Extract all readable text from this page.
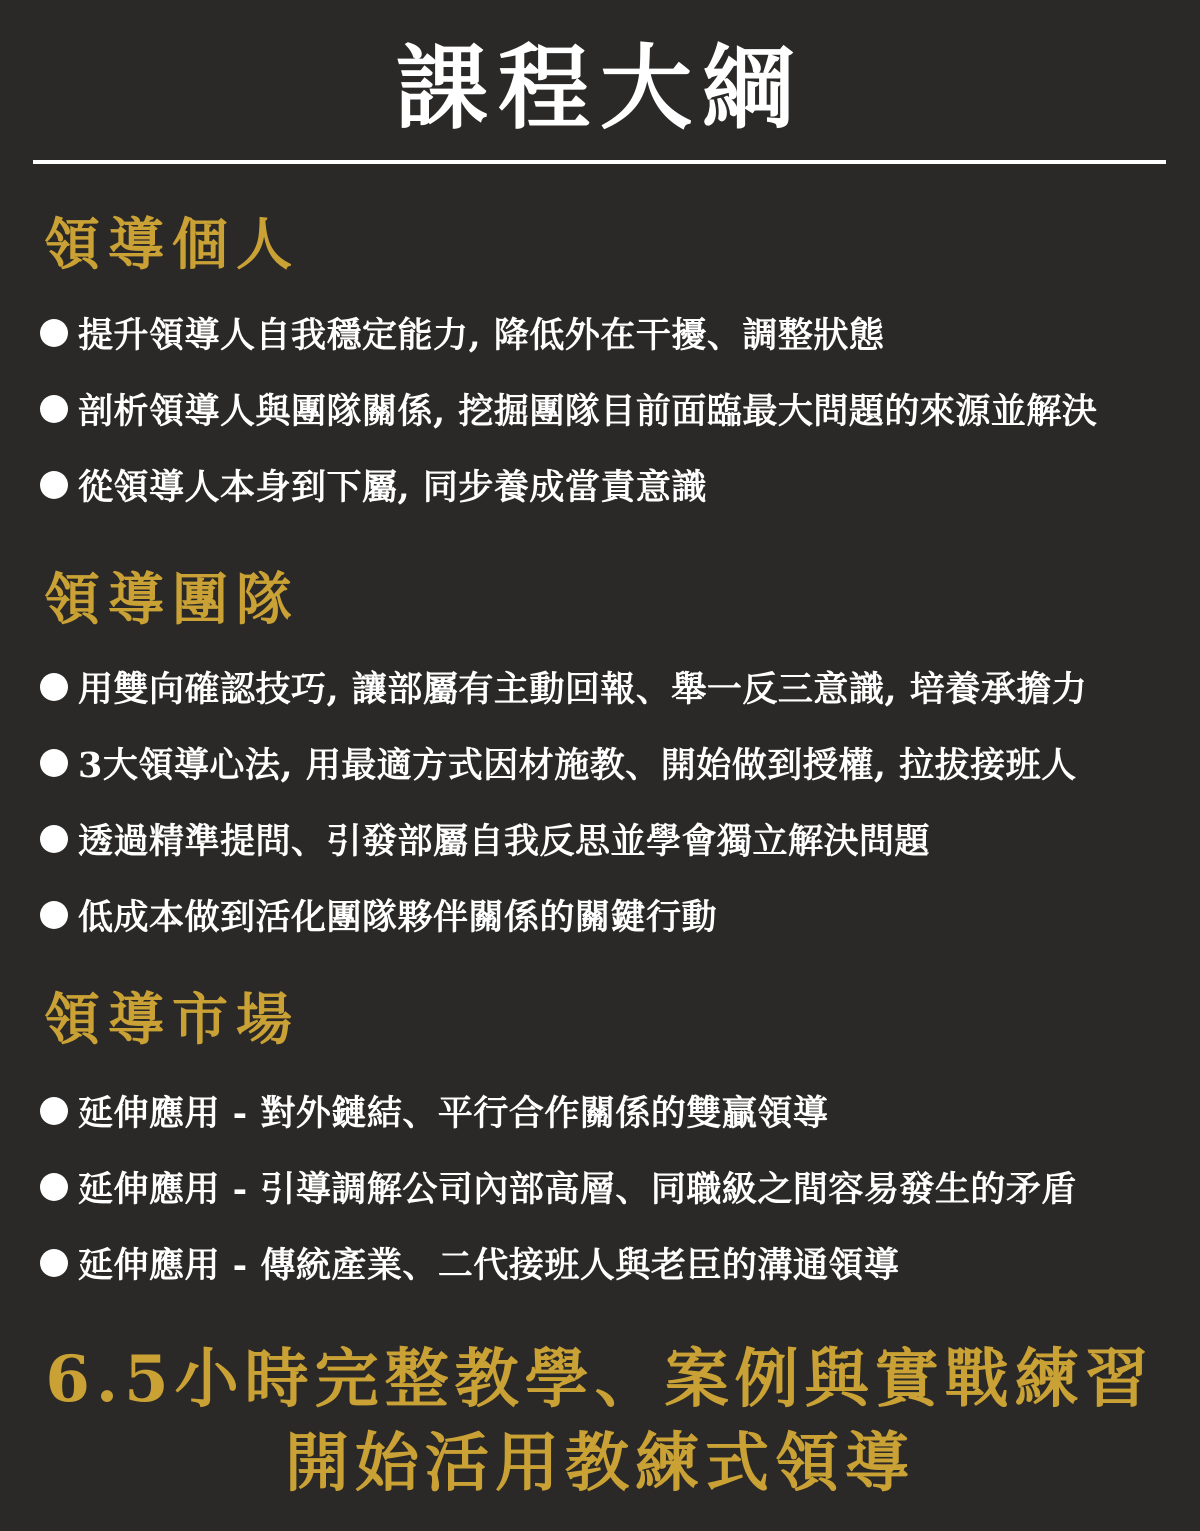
課程大綱
領導個人
提升領導人自我穩定能力, 降低外在干擾、調整狀態
剖析領導人與團隊關係, 挖掘團隊目前面臨最大問題的來源並解決
從領導人本身到下屬, 同步養成當責意識
領導團隊
用雙向確認技巧, 讓部屬有主動回報、舉一反三意識, 培養承擔力
3大領導心法, 用最適方式因材施教、開始做到授權, 拉拔接班人
透過精準提問、引發部屬自我反思並學會獨立解決問題
低成本做到活化團隊夥伴關係的關鍵行動
領導市場
延伸應用 - 對外鏈結、平行合作關係的雙贏領導
延伸應用 - 引導調解公司內部高層、同職級之間容易發生的矛盾
延伸應用 - 傳統產業、二代接班人與老臣的溝通領導
6.5小時完整教學、案例與實戰練習
開始活用教練式領導
